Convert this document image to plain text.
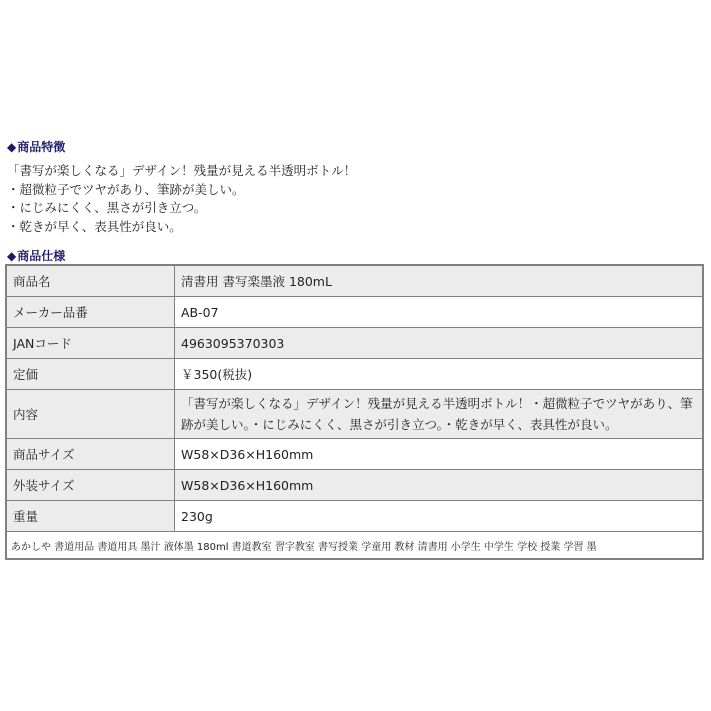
◆商品特徴
「書写が楽しくなる」デザイン！残量が見える半透明ボトル！
・超微粒子でツヤがあり、筆跡が美しい。
・にじみにくく、黒さが引き立つ。
・乾きが早く、表具性が良い。
◆商品仕様
商品名	清書用 書写楽墨液 180mL
メーカー品番	AB-07
JANコード	4963095370303
定価	￥350(税抜)
内容	「書写が楽しくなる」デザイン！残量が見える半透明ボトル！・超微粒子でツヤがあり、筆跡が美しい。・にじみにくく、黒さが引き立つ。・乾きが早く、表具性が良い。
商品サイズ	W58×D36×H160mm
外装サイズ	W58×D36×H160mm
重量	230g
あかしや 書道用品 書道用具 墨汁 液体墨 180ml 書道教室 習字教室 書写授業 学童用 教材 清書用 小学生 中学生 学校 授業 学習 墨	
